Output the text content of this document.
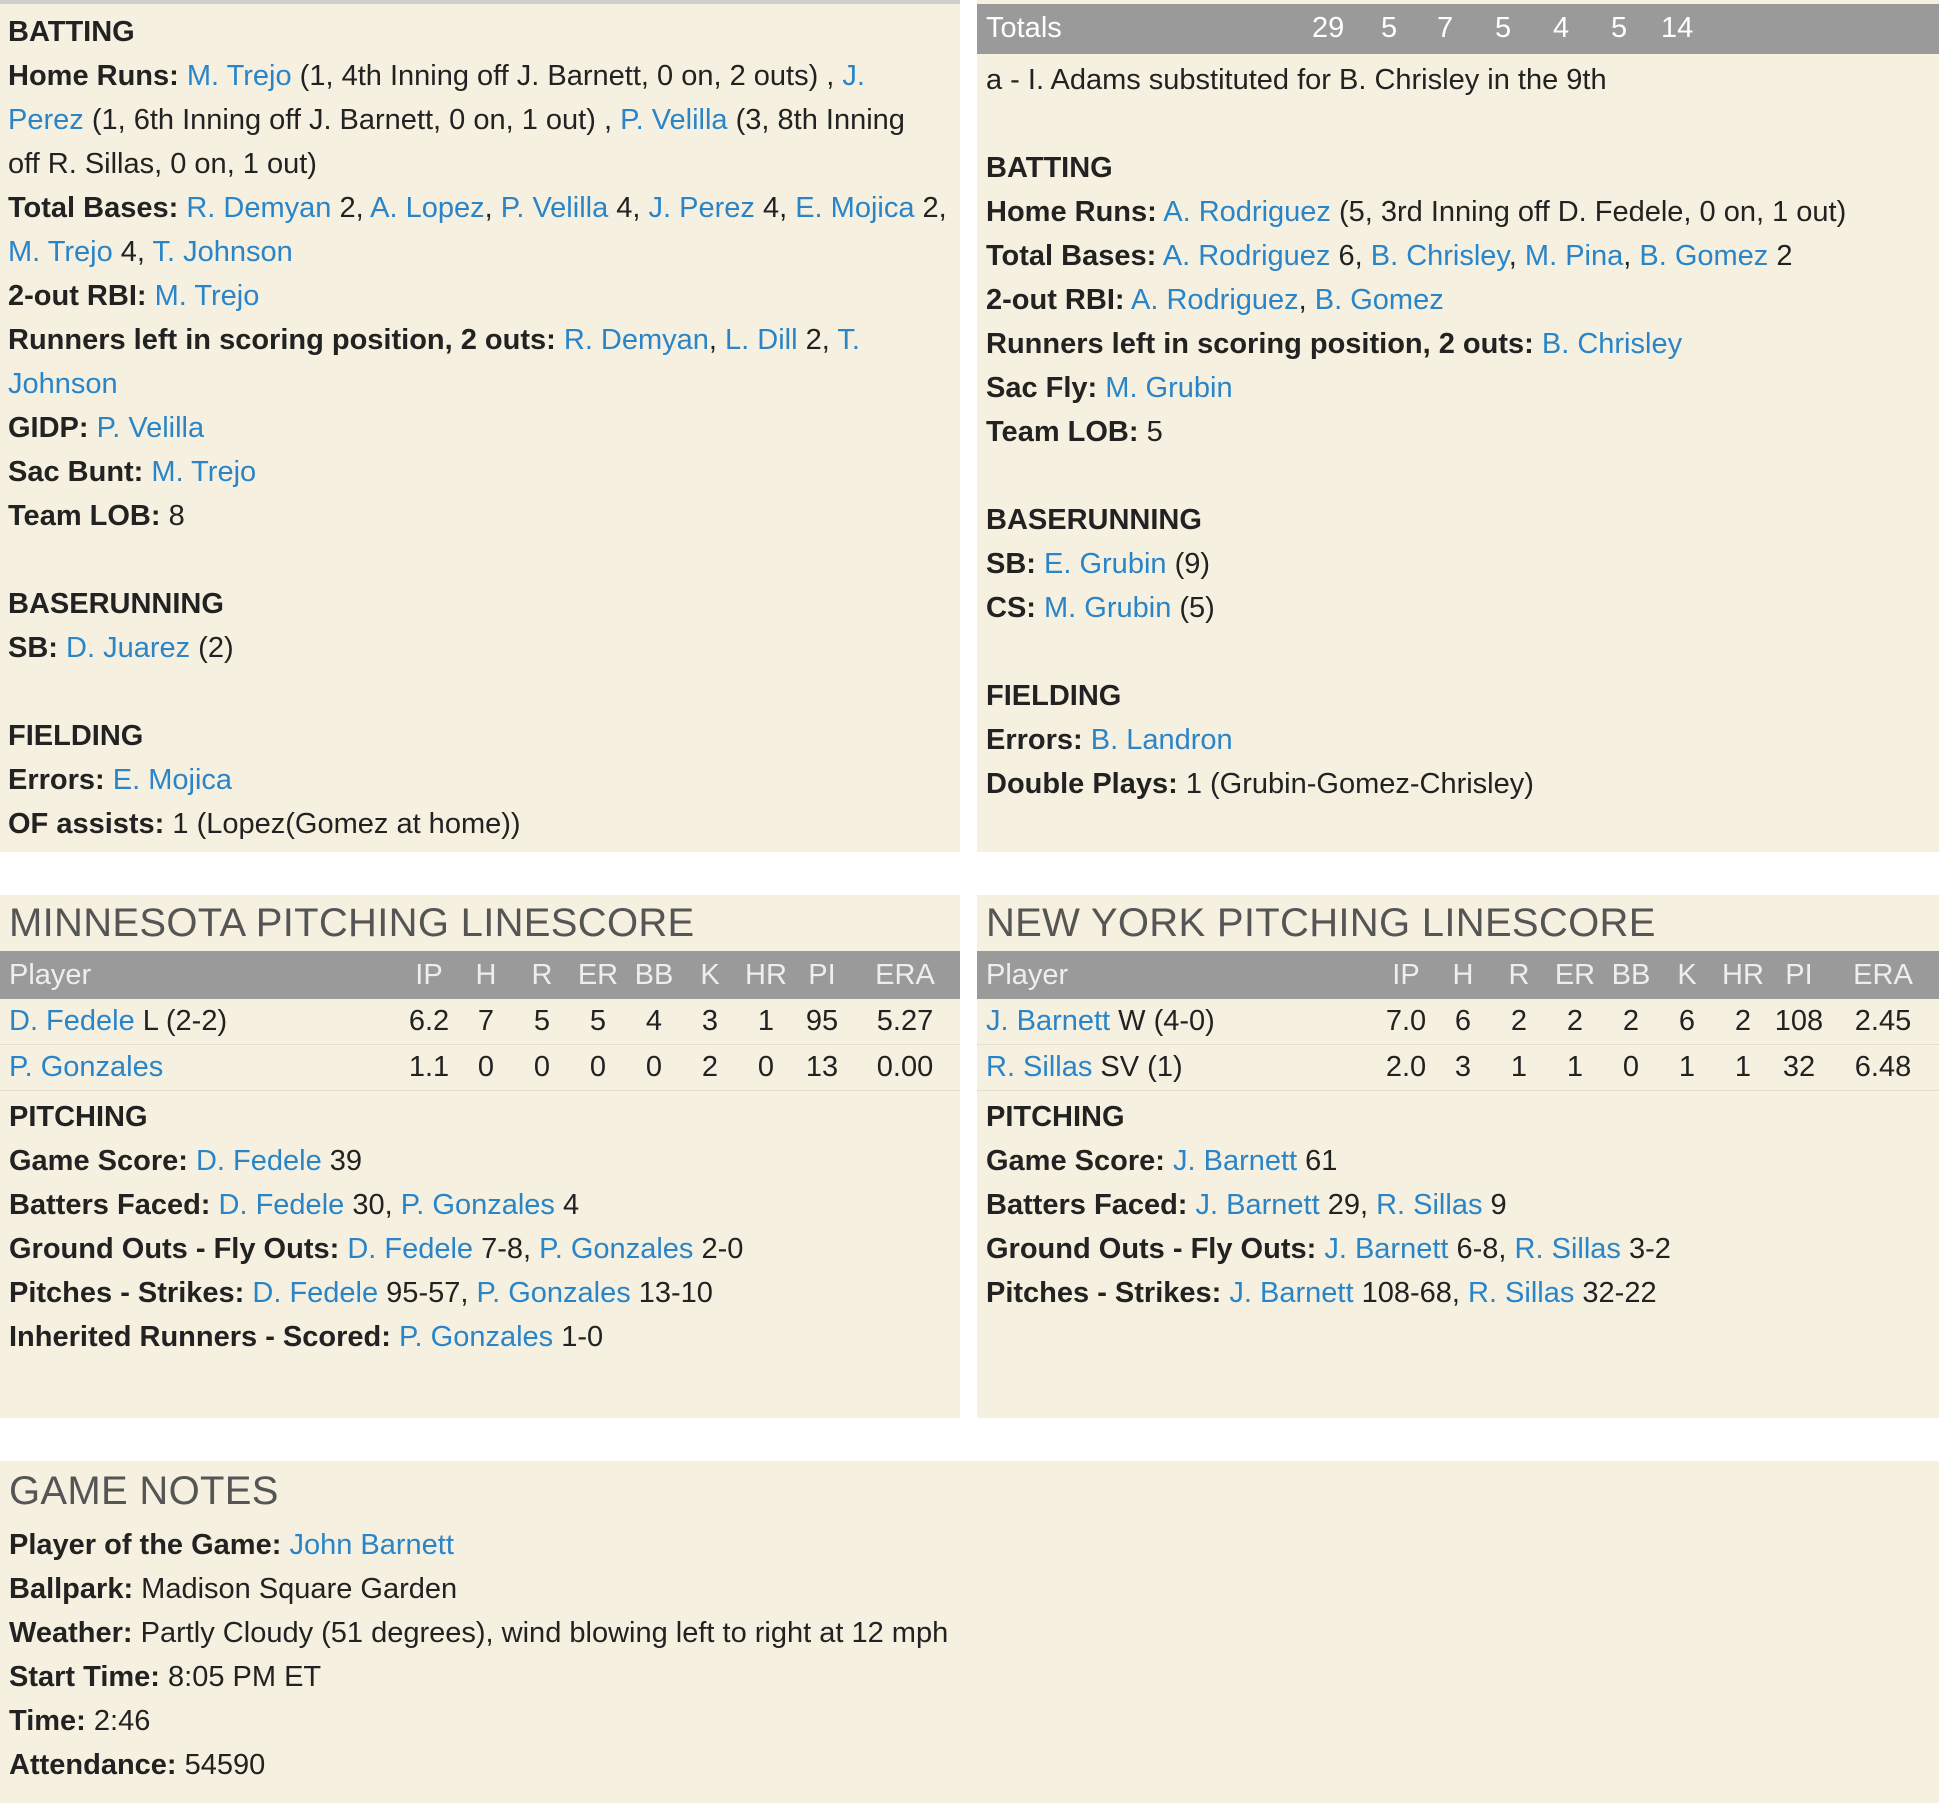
BATTING
Home Runs: M. Trejo (1, 4th Inning off J. Barnett, 0 on, 2 outs) , J.
Perez (1, 6th Inning off J. Barnett, 0 on, 1 out) , P. Velilla (3, 8th Inning
off R. Sillas, 0 on, 1 out)
Total Bases: R. Demyan 2, A. Lopez, P. Velilla 4, J. Perez 4, E. Mojica 2,
M. Trejo 4, T. Johnson
2-out RBI: M. Trejo
Runners left in scoring position, 2 outs: R. Demyan, L. Dill 2, T.
Johnson
GIDP: P. Velilla
Sac Bunt: M. Trejo
Team LOB: 8
BASERUNNING
SB: D. Juarez (2)
FIELDING
Errors: E. Mojica
OF assists: 1 (Lopez(Gomez at home))
Totals	29 5 7 5 4 5 14
a - I. Adams substituted for B. Chrisley in the 9th
BATTING
Home Runs: A. Rodriguez (5, 3rd Inning off D. Fedele, 0 on, 1 out)
Total Bases: A. Rodriguez 6, B. Chrisley, M. Pina, B. Gomez 2
2-out RBI: A. Rodriguez, B. Gomez
Runners left in scoring position, 2 outs: B. Chrisley
Sac Fly: M. Grubin
Team LOB: 5
BASERUNNING
SB: E. Grubin (9)
CS: M. Grubin (5)
FIELDING
Errors: B. Landron
Double Plays: 1 (Grubin-Gomez-Chrisley)
MINNESOTA PITCHING LINESCORE
Player	IP	H	R	ER	BB	K	HR	PI	ERA
D. Fedele L (2-2)	6.2	7	5	5	4	3	1	95	5.27
P. Gonzales	1.1	0	0	0	0	2	0	13	0.00
PITCHING
Game Score: D. Fedele 39
Batters Faced: D. Fedele 30, P. Gonzales 4
Ground Outs - Fly Outs: D. Fedele 7-8, P. Gonzales 2-0
Pitches - Strikes: D. Fedele 95-57, P. Gonzales 13-10
Inherited Runners - Scored: P. Gonzales 1-0
NEW YORK PITCHING LINESCORE
Player	IP	H	R	ER	BB	K	HR	PI	ERA
J. Barnett W (4-0)	7.0	6	2	2	2	6	2	108	2.45
R. Sillas SV (1)	2.0	3	1	1	0	1	1	32	6.48
PITCHING
Game Score: J. Barnett 61
Batters Faced: J. Barnett 29, R. Sillas 9
Ground Outs - Fly Outs: J. Barnett 6-8, R. Sillas 3-2
Pitches - Strikes: J. Barnett 108-68, R. Sillas 32-22
GAME NOTES
Player of the Game: John Barnett
Ballpark: Madison Square Garden
Weather: Partly Cloudy (51 degrees), wind blowing left to right at 12 mph
Start Time: 8:05 PM ET
Time: 2:46
Attendance: 54590
